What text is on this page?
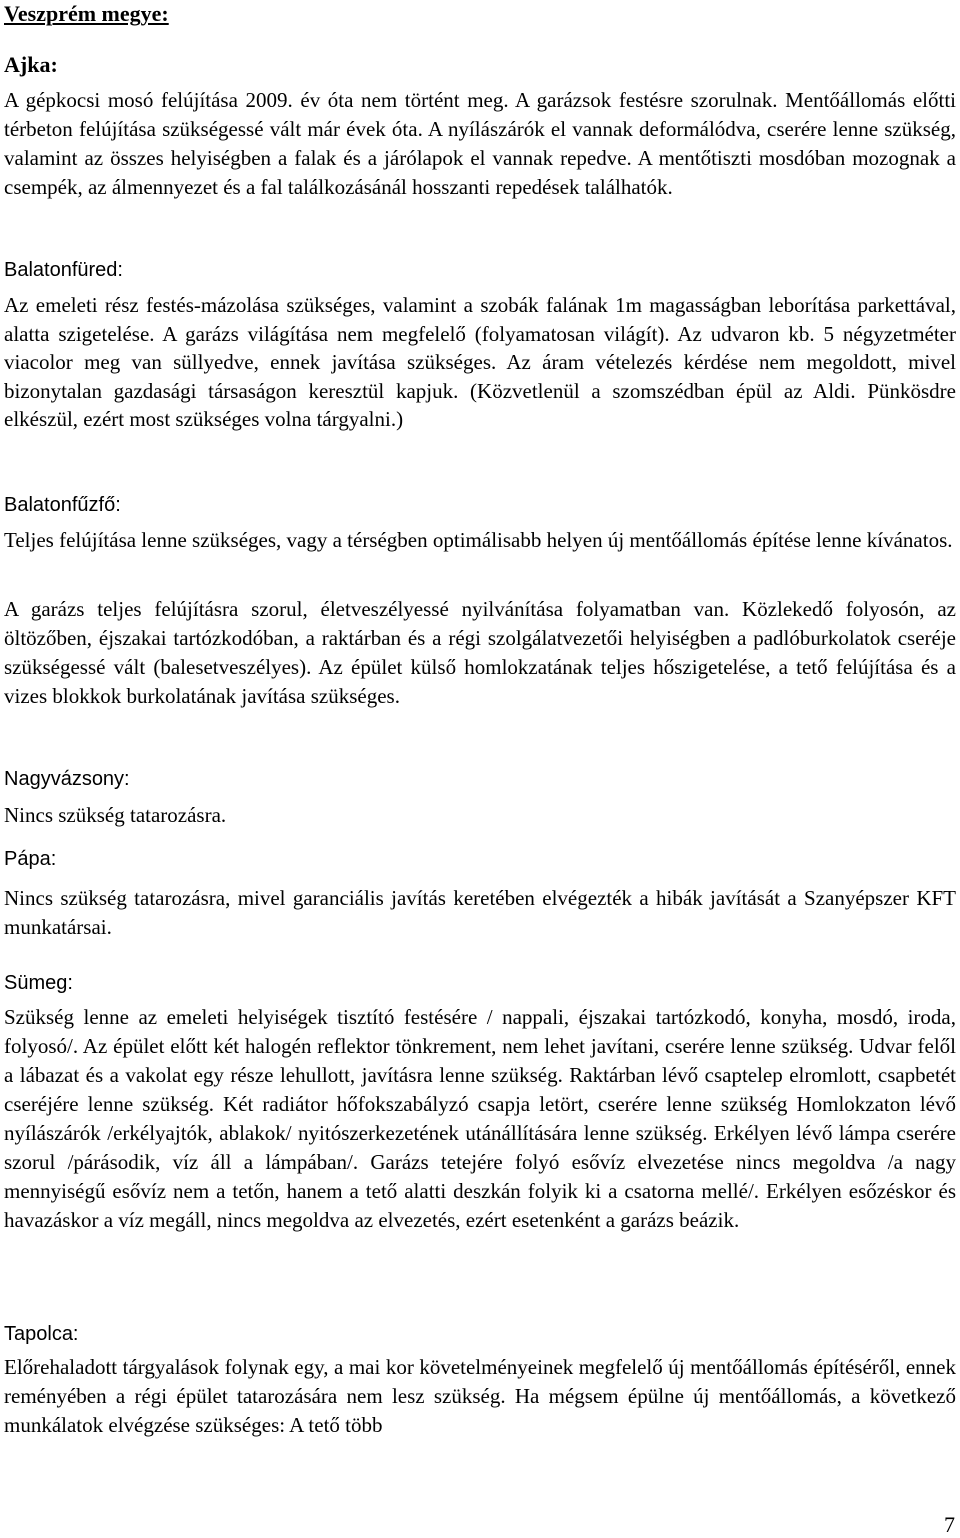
Veszprém megye:
Ajka:

A gépkocsi mosó felújítása 2009. év óta nem történt meg. A garázsok festésre szorulnak. Mentőállomás előtti térbeton felújítása szükségessé vált már évek óta. A nyílászárók el vannak deformálódva, cserére lenne szükség, valamint az összes helyiségben a falak és a járólapok el vannak repedve. A mentőtiszti mosdóban mozognak a csempék, az álmennyezet és a fal találkozásánál hosszanti repedések találhatók.

Balatonfüred:

Az emeleti rész festés-mázolása szükséges, valamint a szobák falának 1m magasságban leborítása parkettával, alatta szigetelése. A garázs világítása nem megfelelő (folyamatosan világít). Az udvaron kb. 5 négyzetméter viacolor meg van süllyedve, ennek javítása szükséges. Az áram vételezés kérdése nem megoldott, mivel bizonytalan gazdasági társaságon keresztül kapjuk. (Közvetlenül a szomszédban épül az Aldi. Pünkösdre elkészül, ezért most szükséges volna tárgyalni.)

Balatonfűzfő:

Teljes felújítása lenne szükséges, vagy a térségben optimálisabb helyen új mentőállomás építése lenne kívánatos.

A garázs teljes felújításra szorul, életveszélyessé nyilvánítása folyamatban van. Közlekedő folyosón, az öltözőben, éjszakai tartózkodóban, a raktárban és a régi szolgálatvezetői helyiségben a padlóburkolatok cseréje szükségessé vált (balesetveszélyes). Az épület külső homlokzatának teljes hőszigetelése, a tető felújítása és a vizes blokkok burkolatának javítása szükséges.

Nagyvázsony:

Nincs szükség tatarozásra.

Pápa:

Nincs szükség tatarozásra, mivel garanciális javítás keretében elvégezték a hibák javítását a Szanyépszer KFT munkatársai.

Sümeg:

Szükség lenne az emeleti helyiségek tisztító festésére / nappali, éjszakai tartózkodó, konyha, mosdó, iroda, folyosó/. Az épület előtt két halogén reflektor tönkrement, nem lehet javítani, cserére lenne szükség. Udvar felől a lábazat és a vakolat egy része lehullott, javításra lenne szükség. Raktárban lévő csaptelep elromlott, csapbetét cseréjére lenne szükség. Két radiátor hőfokszabályzó csapja letört, cserére lenne szükség Homlokzaton lévő nyílászárók /erkélyajtók, ablakok/ nyitószerkezetének utánállítására lenne szükség. Erkélyen lévő lámpa cserére szorul /párásodik, víz áll a lámpában/. Garázs tetejére folyó esővíz elvezetése nincs megoldva /a nagy mennyiségű esővíz nem a tetőn, hanem a tető alatti deszkán folyik ki a csatorna mellé/. Erkélyen esőzéskor és havazáskor a víz megáll, nincs megoldva az elvezetés, ezért esetenként a garázs beázik.

Tapolca:

Előrehaladott tárgyalások folynak egy, a mai kor követelményeinek megfelelő új mentőállomás építéséről, ennek reményében a régi épület tatarozására nem lesz szükség. Ha mégsem épülne új mentőállomás, a következő munkálatok elvégzése szükséges: A tető több

7
